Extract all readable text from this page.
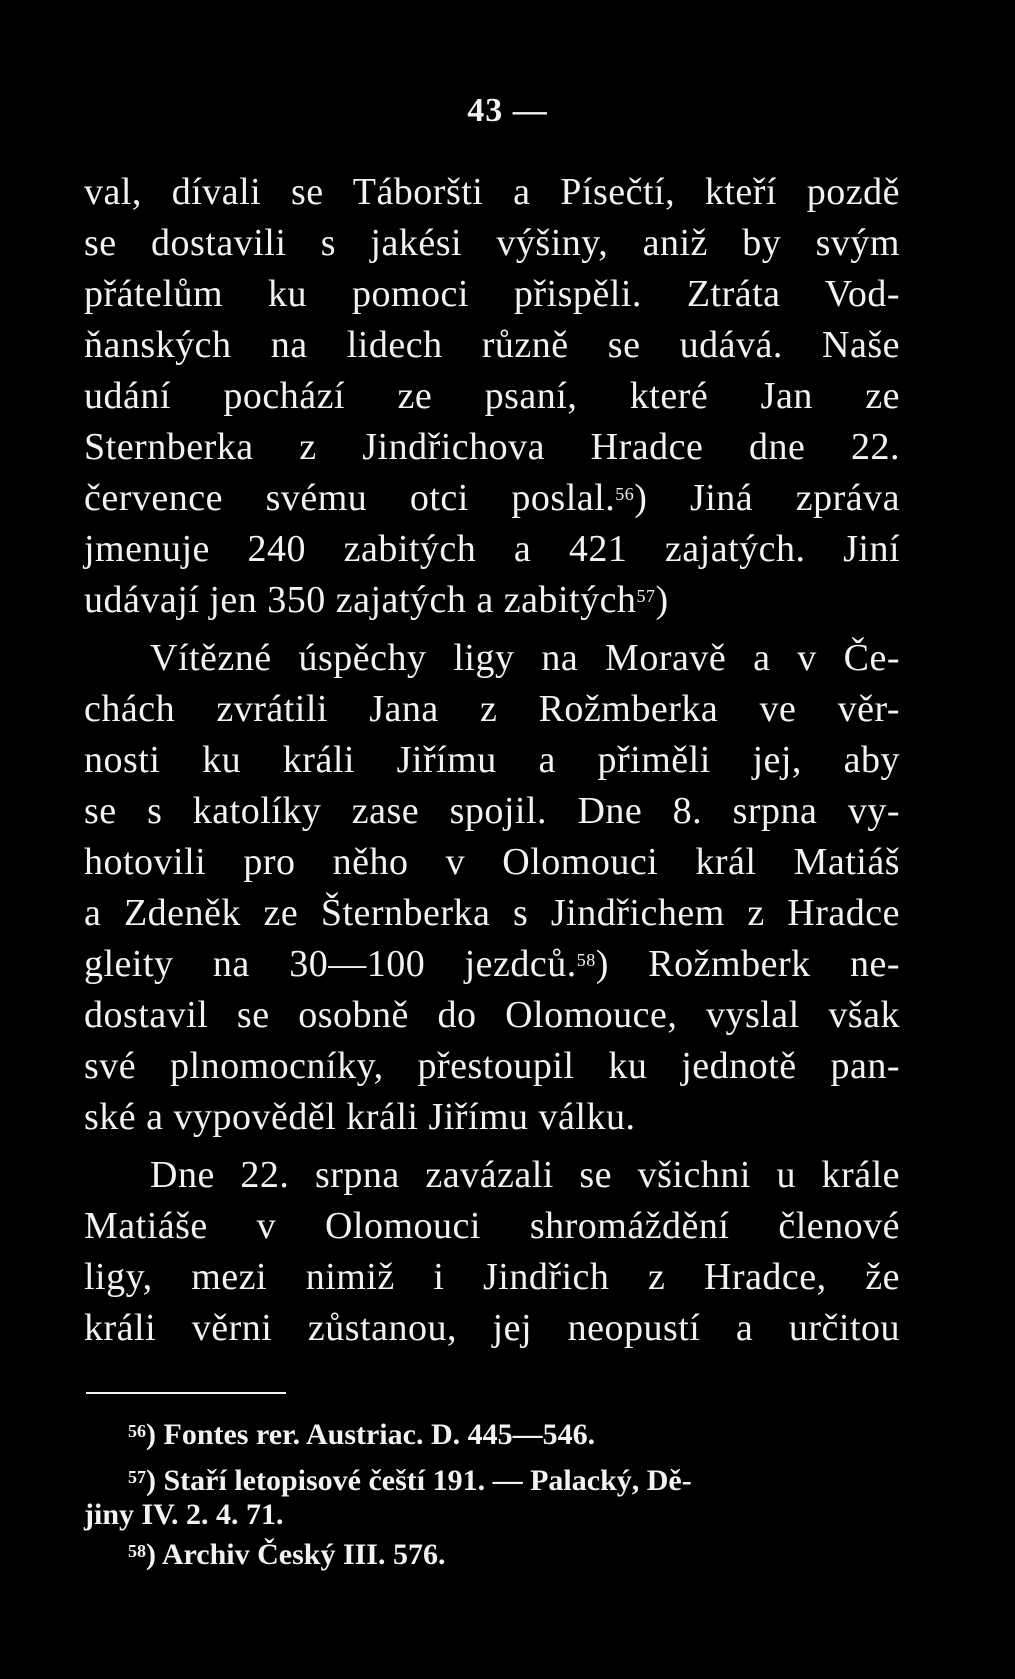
43 —
val, dívali se Táboršti a Písečtí, kteří pozdě
se dostavili s jakési výšiny, aniž by svým
přátelům ku pomoci přispěli. Ztráta Vod-
ňanských na lidech různě se udává. Naše
udání pochází ze psaní, které Jan ze
Sternberka z Jindřichova Hradce dne 22.
července svému otci poslal.$^{56}$) Jiná zpráva
jmenuje 240 zabitých a 421 zajatých. Jiní
udávají jen 350 zajatých a zabitých$^{57}$)
Vítězné úspěchy ligy na Moravě a v Če-
chách zvrátili Jana z Rožmberka ve věr-
nosti ku králi Jiřímu a přiměli jej, aby
se s katolíky zase spojil. Dne 8. srpna vy-
hotovili pro něho v Olomouci král Matiáš
a Zdeněk ze Šternberka s Jindřichem z Hradce
gleity na 30—100 jezdců.$^{58}$) Rožmberk ne-
dostavil se osobně do Olomouce, vyslal však
své plnomocníky, přestoupil ku jednotě pan-
ské a vypověděl králi Jiřímu válku.
Dne 22. srpna zavázali se všichni u krále
Matiáše v Olomouci shromáždění členové
ligy, mezi nimiž i Jindřich z Hradce, že
králi věrni zůstanou, jej neopustí a určitou
$^{56}$) Fontes rer. Austriac. D. 445—546.
$^{57}$) Staří letopisové čeští 191. — Palacký, Dě-
jiny IV. 2. 4. 71.
$^{58}$) Archiv Český III. 576.
